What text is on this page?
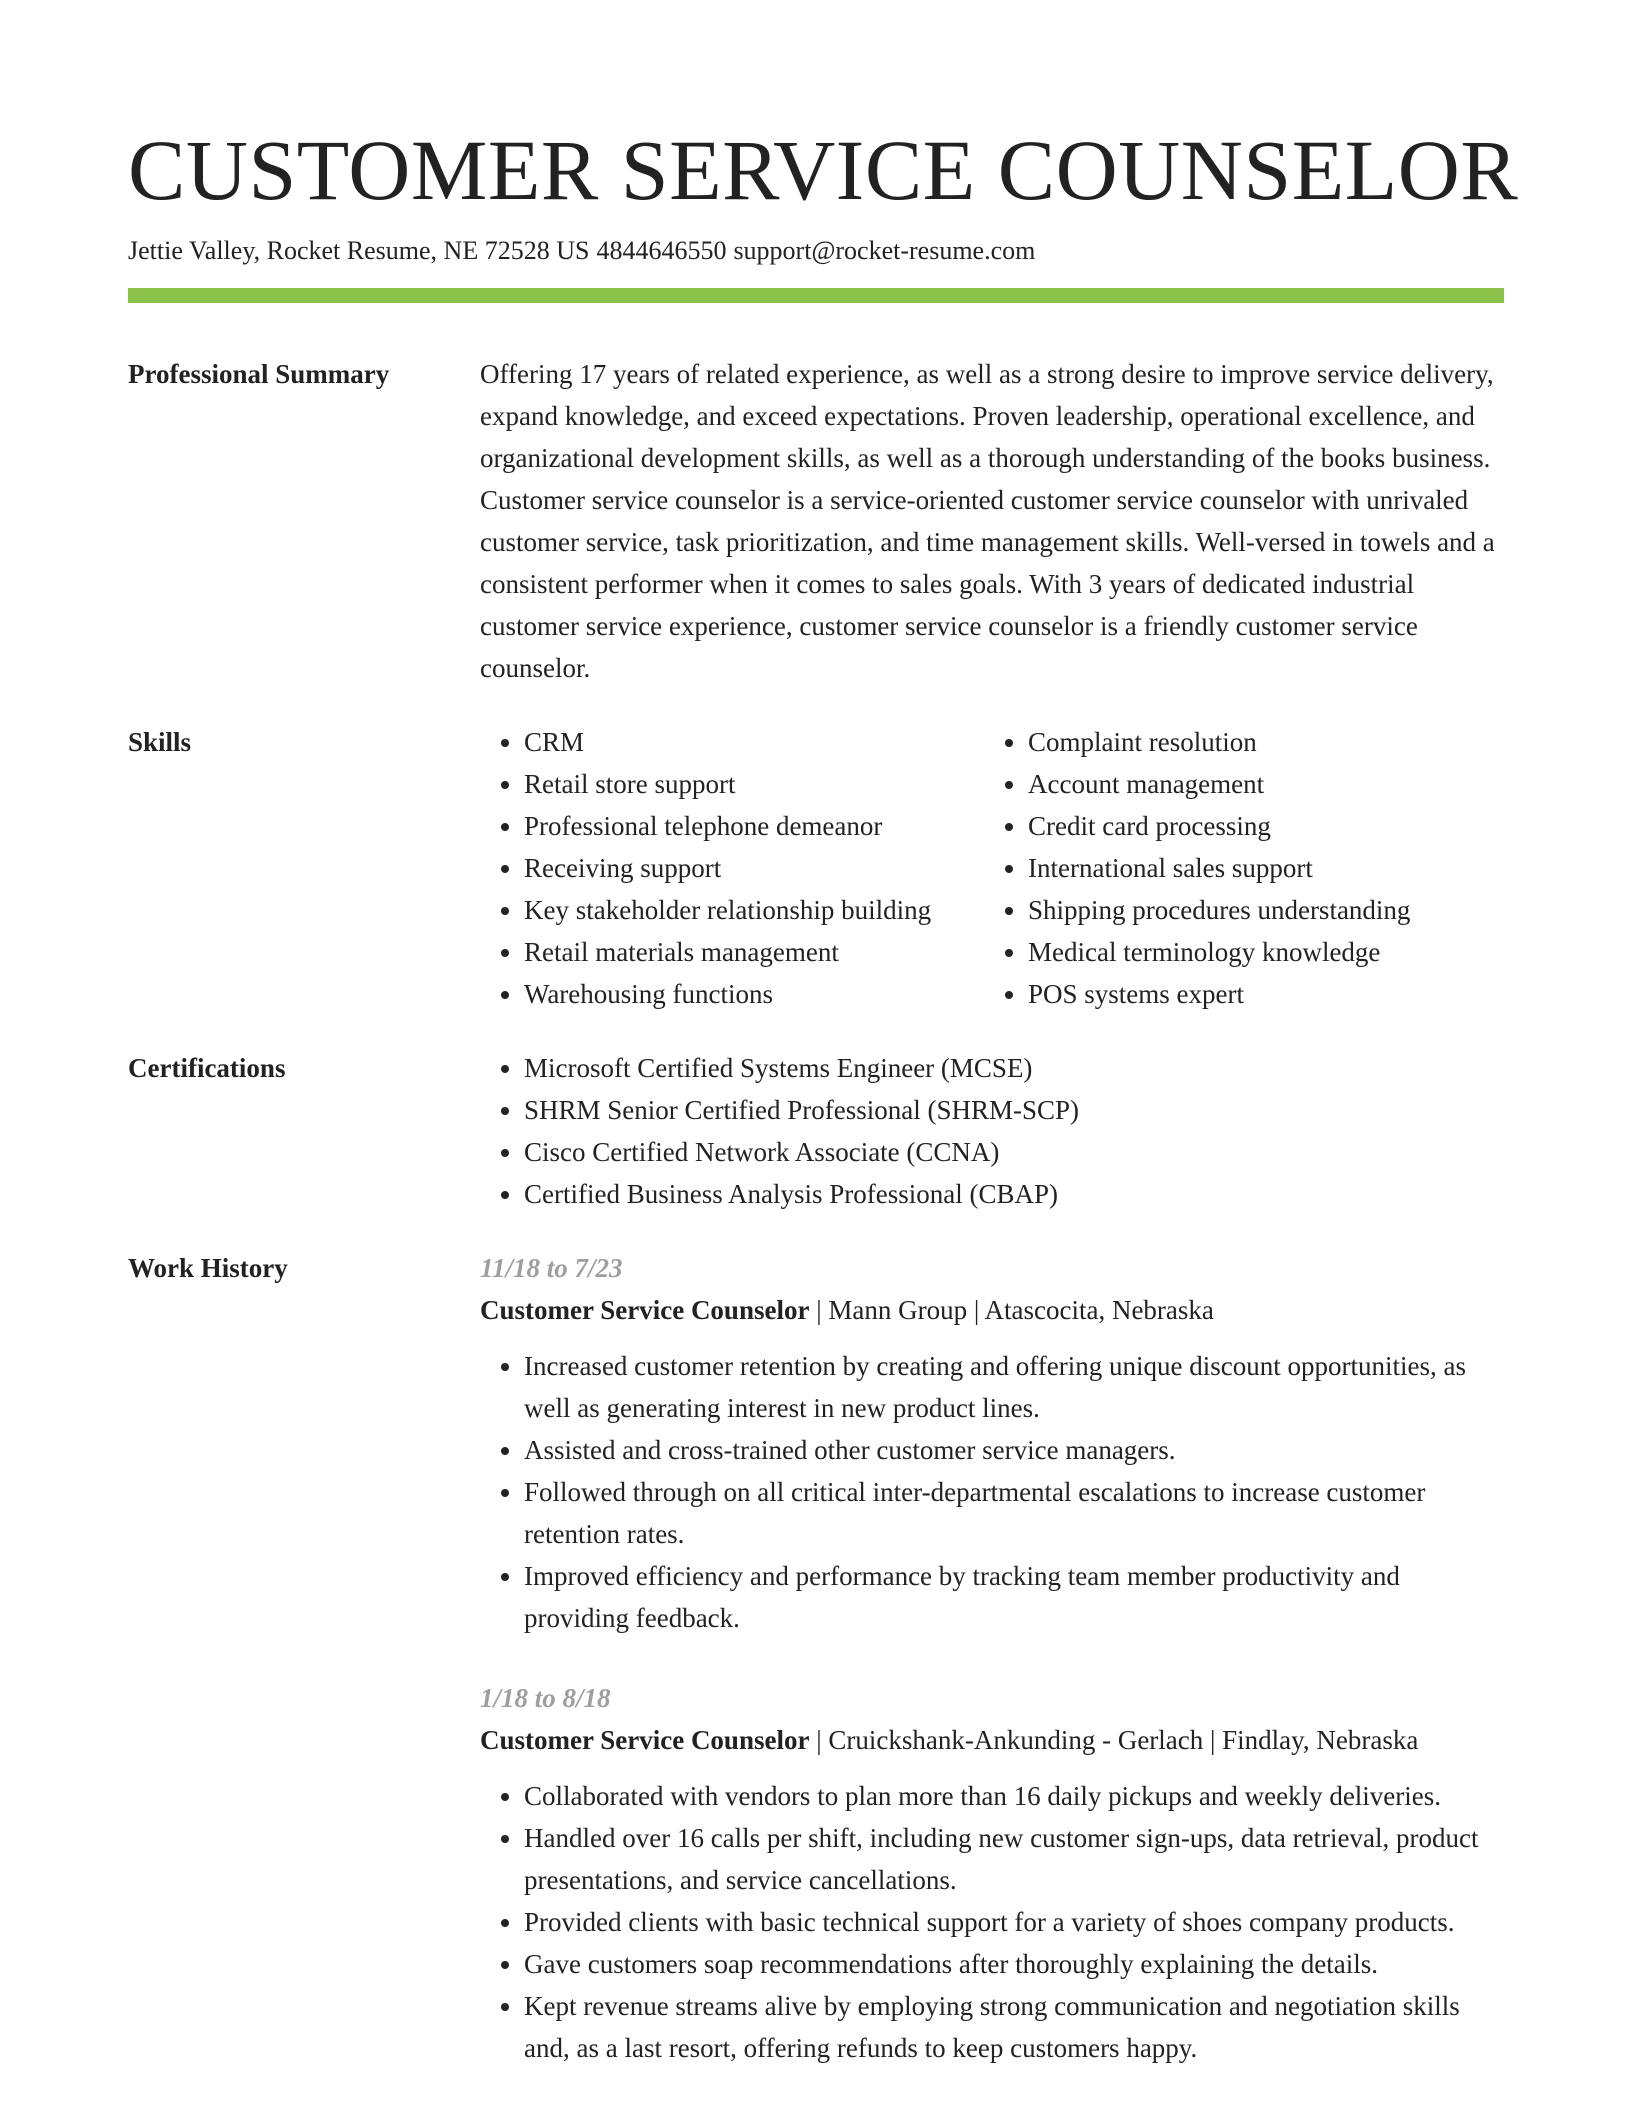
CUSTOMER SERVICE COUNSELOR
Jettie Valley, Rocket Resume, NE 72528 US 4844646550 support@rocket-resume.com
Professional Summary	Offering 17 years of related experience, as well as a strong desire to improve service delivery, expand knowledge, and exceed expectations. Proven leadership, operational excellence, and organizational development skills, as well as a thorough understanding of the books business. Customer service counselor is a service-oriented customer service counselor with unrivaled customer service, task prioritization, and time management skills. Well-versed in towels and a consistent performer when it comes to sales goals. With 3 years of dedicated industrial customer service experience, customer service counselor is a friendly customer service counselor.

Skills	• CRM
• Retail store support
• Professional telephone demeanor
• Receiving support
• Key stakeholder relationship building
• Retail materials management
• Warehousing functions
• Complaint resolution
• Account management
• Credit card processing
• International sales support
• Shipping procedures understanding
• Medical terminology knowledge
• POS systems expert
Certifications	• Microsoft Certified Systems Engineer (MCSE)
• SHRM Senior Certified Professional (SHRM-SCP)
• Cisco Certified Network Associate (CCNA)
• Certified Business Analysis Professional (CBAP)
Work History	11/18 to 7/23
Customer Service Counselor | Mann Group | Atascocita, Nebraska
• Increased customer retention by creating and offering unique discount opportunities, as well as generating interest in new product lines.
• Assisted and cross-trained other customer service managers.
• Followed through on all critical inter-departmental escalations to increase customer retention rates.
• Improved efficiency and performance by tracking team member productivity and providing feedback.
1/18 to 8/18
Customer Service Counselor | Cruickshank-Ankunding - Gerlach | Findlay, Nebraska
• Collaborated with vendors to plan more than 16 daily pickups and weekly deliveries.
• Handled over 16 calls per shift, including new customer sign-ups, data retrieval, product presentations, and service cancellations.
• Provided clients with basic technical support for a variety of shoes company products.
• Gave customers soap recommendations after thoroughly explaining the details.
• Kept revenue streams alive by employing strong communication and negotiation skills and, as a last resort, offering refunds to keep customers happy.
